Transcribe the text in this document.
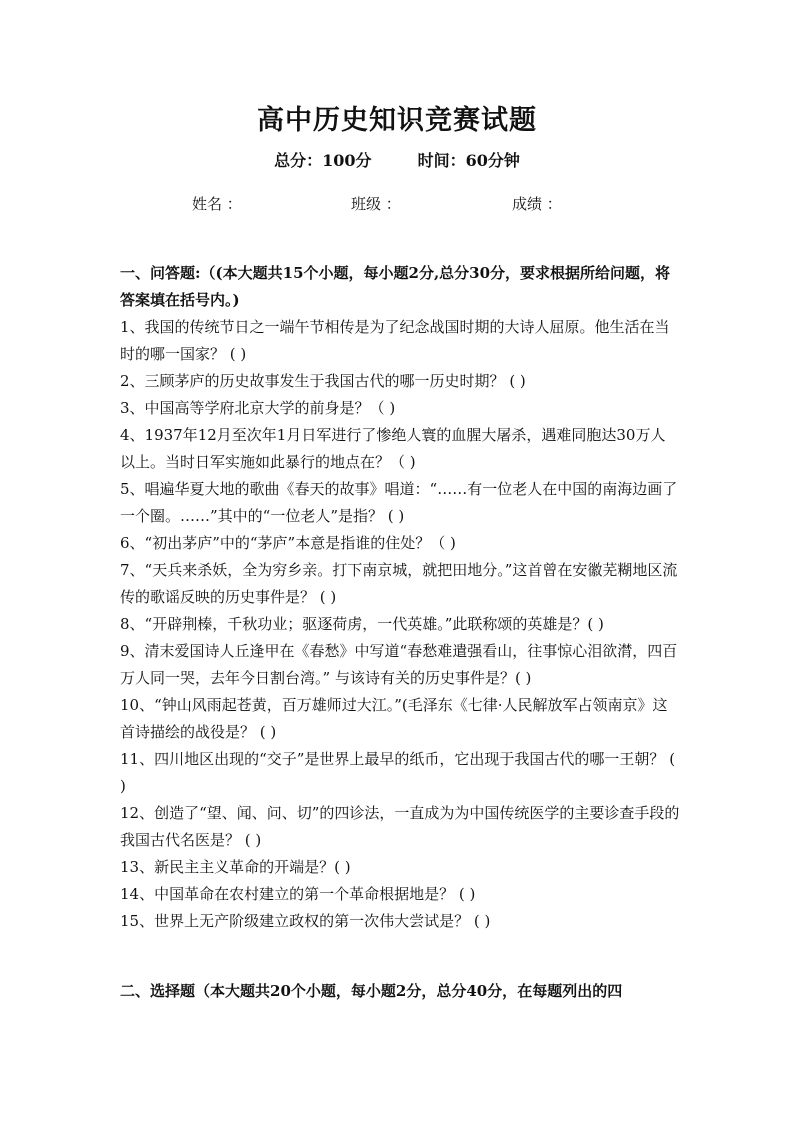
高中历史知识竞赛试题
总分：100分	时间：60分钟
姓名 ：	班级 ：	成绩 ：

一、问答题:（(本大题共15个小题，每小题2分,总分30分，要求根据所给问题，将答案填在括号内。)

1、我国的传统节日之一端午节相传是为了纪念战国时期的大诗人屈原。他生活在当时的哪一国家？ ( )

2、三顾茅庐的历史故事发生于我国古代的哪一历史时期？ ( )

3、中国高等学府北京大学的前身是？（ )

4、1937年12月至次年1月日军进行了惨绝人寰的血腥大屠杀，遇难同胞达30万人以上。当时日军实施如此暴行的地点在？（ )

5、唱遍华夏大地的歌曲《春天的故事》唱道：“……有一位老人在中国的南海边画了一个圈。……”其中的“一位老人”是指？ ( )

6、“初出茅庐”中的“茅庐”本意是指谁的住处？（ )

7、“天兵来杀妖，全为穷乡亲。打下南京城，就把田地分。”这首曾在安徽芜糊地区流传的歌谣反映的历史事件是？ ( )

8、“开辟荆榛，千秋功业；驱逐荷虏，一代英雄。”此联称颂的英雄是？( )

9、清末爱国诗人丘逢甲在《春愁》中写道“春愁难遣强看山，往事惊心泪欲潸，四百万人同一哭，去年今日割台湾。” 与该诗有关的历史事件是？( )

10、“钟山风雨起苍黄，百万雄师过大江。”(毛泽东《七律·人民解放军占领南京》这首诗描绘的战役是？ ( )

11、四川地区出现的“交子”是世界上最早的纸币，它出现于我国古代的哪一王朝？ ( )

12、创造了“望、闻、问、切”的四诊法，一直成为为中国传统医学的主要诊查手段的我国古代名医是？ ( )

13、新民主主义革命的开端是？( )

14、中国革命在农村建立的第一个革命根据地是？ ( )

15、世界上无产阶级建立政权的第一次伟大尝试是？ ( )

二、选择题（本大题共20个小题，每小题2分，总分40分，在每题列出的四
